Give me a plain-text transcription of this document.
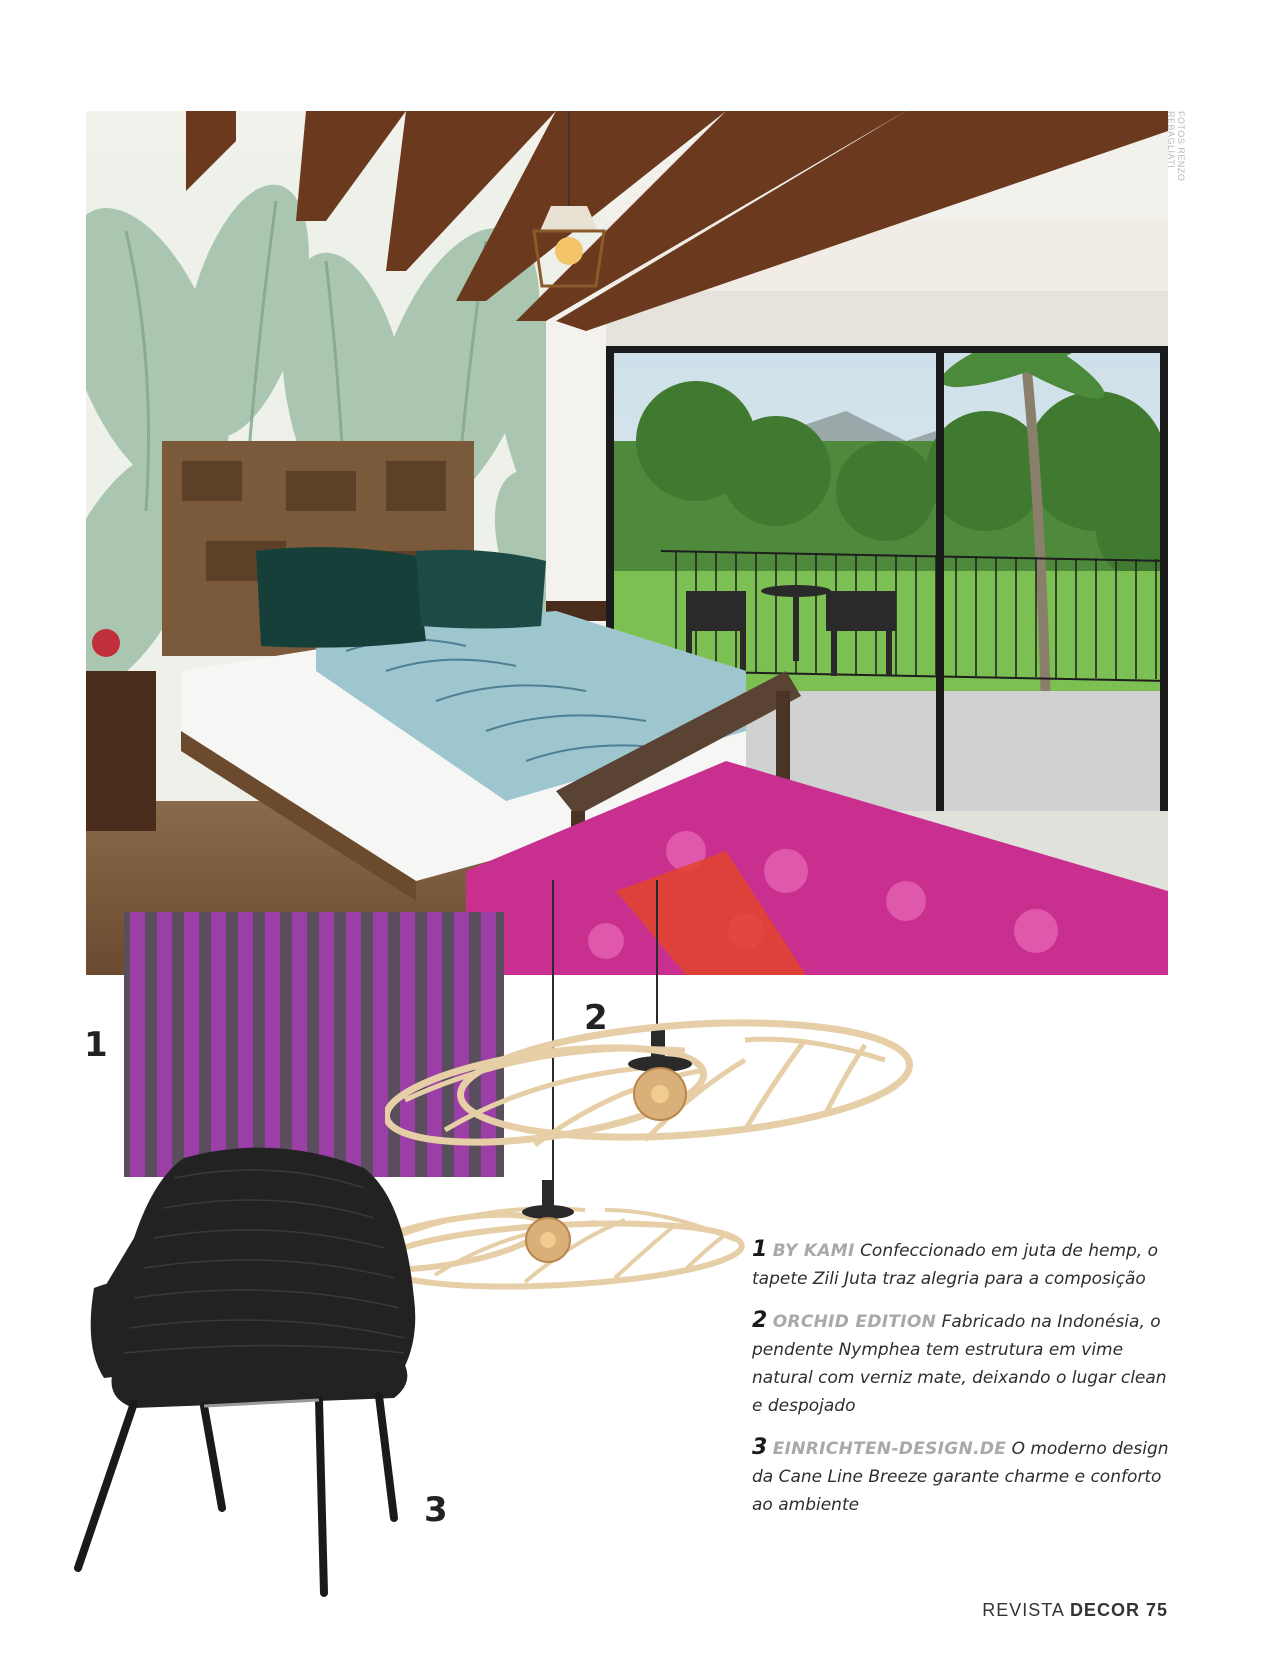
FOTOS RENZO REBAGLIATI
1
2
3

1 BY KAMI Confeccionado em juta de hemp, o tapete Zili Juta traz alegria para a composição

2 ORCHID EDITION Fabricado na Indonésia, o pendente Nymphea tem estrutura em vime natural com verniz mate, deixando o lugar clean e despojado

3 EINRICHTEN-DESIGN.DE O moderno design da Cane Line Breeze garante charme e conforto ao ambiente

REVISTA DECOR 75
